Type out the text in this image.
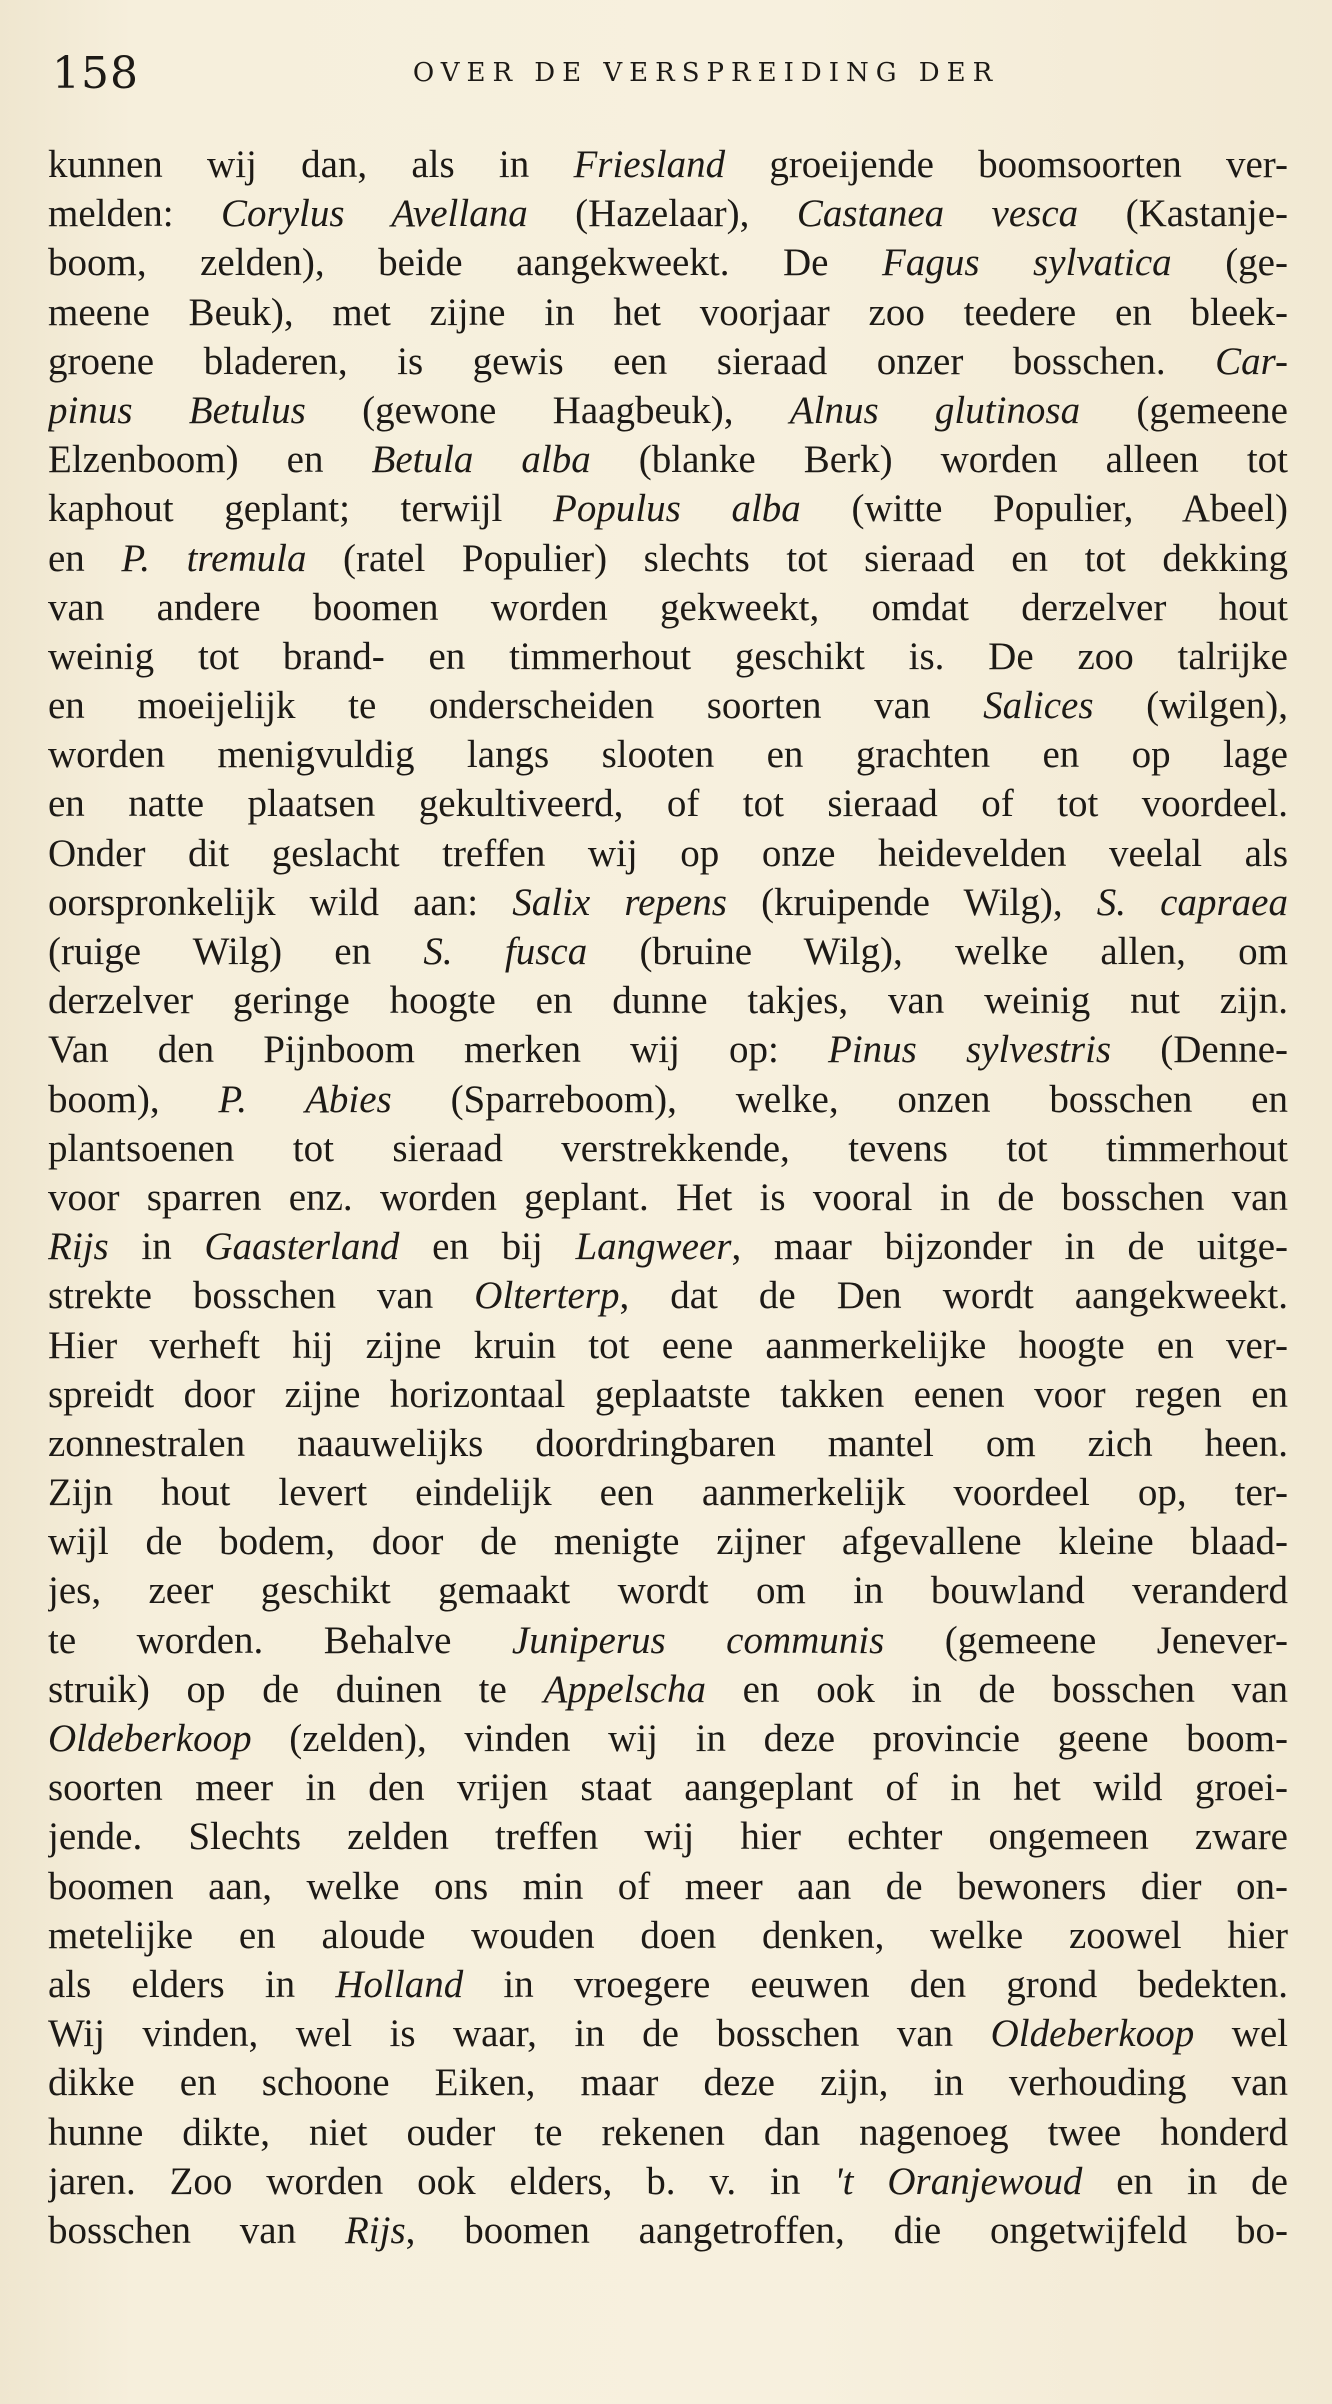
158	OVER DE VERSPREIDING DER
kunnen wij dan, als in Friesland groeijende boomsoorten ver-
melden: Corylus Avellana (Hazelaar), Castanea vesca (Kastanje-
boom, zelden), beide aangekweekt. De Fagus sylvatica (ge-
meene Beuk), met zijne in het voorjaar zoo teedere en bleek-
groene bladeren, is gewis een sieraad onzer bosschen. Car-
pinus Betulus (gewone Haagbeuk), Alnus glutinosa (gemeene
Elzenboom) en Betula alba (blanke Berk) worden alleen tot
kaphout geplant; terwijl Populus alba (witte Populier, Abeel)
en P. tremula (ratel Populier) slechts tot sieraad en tot dekking
van andere boomen worden gekweekt, omdat derzelver hout
weinig tot brand- en timmerhout geschikt is. De zoo talrijke
en moeijelijk te onderscheiden soorten van Salices (wilgen),
worden menigvuldig langs slooten en grachten en op lage
en natte plaatsen gekultiveerd, of tot sieraad of tot voordeel.
Onder dit geslacht treffen wij op onze heidevelden veelal als
oorspronkelijk wild aan: Salix repens (kruipende Wilg), S. capraea
(ruige Wilg) en S. fusca (bruine Wilg), welke allen, om
derzelver geringe hoogte en dunne takjes, van weinig nut zijn.
Van den Pijnboom merken wij op: Pinus sylvestris (Denne-
boom), P. Abies (Sparreboom), welke, onzen bosschen en
plantsoenen tot sieraad verstrekkende, tevens tot timmerhout
voor sparren enz. worden geplant. Het is vooral in de bosschen van
Rijs in Gaasterland en bij Langweer, maar bijzonder in de uitge-
strekte bosschen van Olterterp, dat de Den wordt aangekweekt.
Hier verheft hij zijne kruin tot eene aanmerkelijke hoogte en ver-
spreidt door zijne horizontaal geplaatste takken eenen voor regen en
zonnestralen naauwelijks doordringbaren mantel om zich heen.
Zijn hout levert eindelijk een aanmerkelijk voordeel op, ter-
wijl de bodem, door de menigte zijner afgevallene kleine blaad-
jes, zeer geschikt gemaakt wordt om in bouwland veranderd
te worden. Behalve Juniperus communis (gemeene Jenever-
struik) op de duinen te Appelscha en ook in de bosschen van
Oldeberkoop (zelden), vinden wij in deze provincie geene boom-
soorten meer in den vrijen staat aangeplant of in het wild groei-
jende. Slechts zelden treffen wij hier echter ongemeen zware
boomen aan, welke ons min of meer aan de bewoners dier on-
metelijke en aloude wouden doen denken, welke zoowel hier
als elders in Holland in vroegere eeuwen den grond bedekten.
Wij vinden, wel is waar, in de bosschen van Oldeberkoop wel
dikke en schoone Eiken, maar deze zijn, in verhouding van
hunne dikte, niet ouder te rekenen dan nagenoeg twee honderd
jaren. Zoo worden ook elders, b. v. in 't Oranjewoud en in de
bosschen van Rijs, boomen aangetroffen, die ongetwijfeld bo-
